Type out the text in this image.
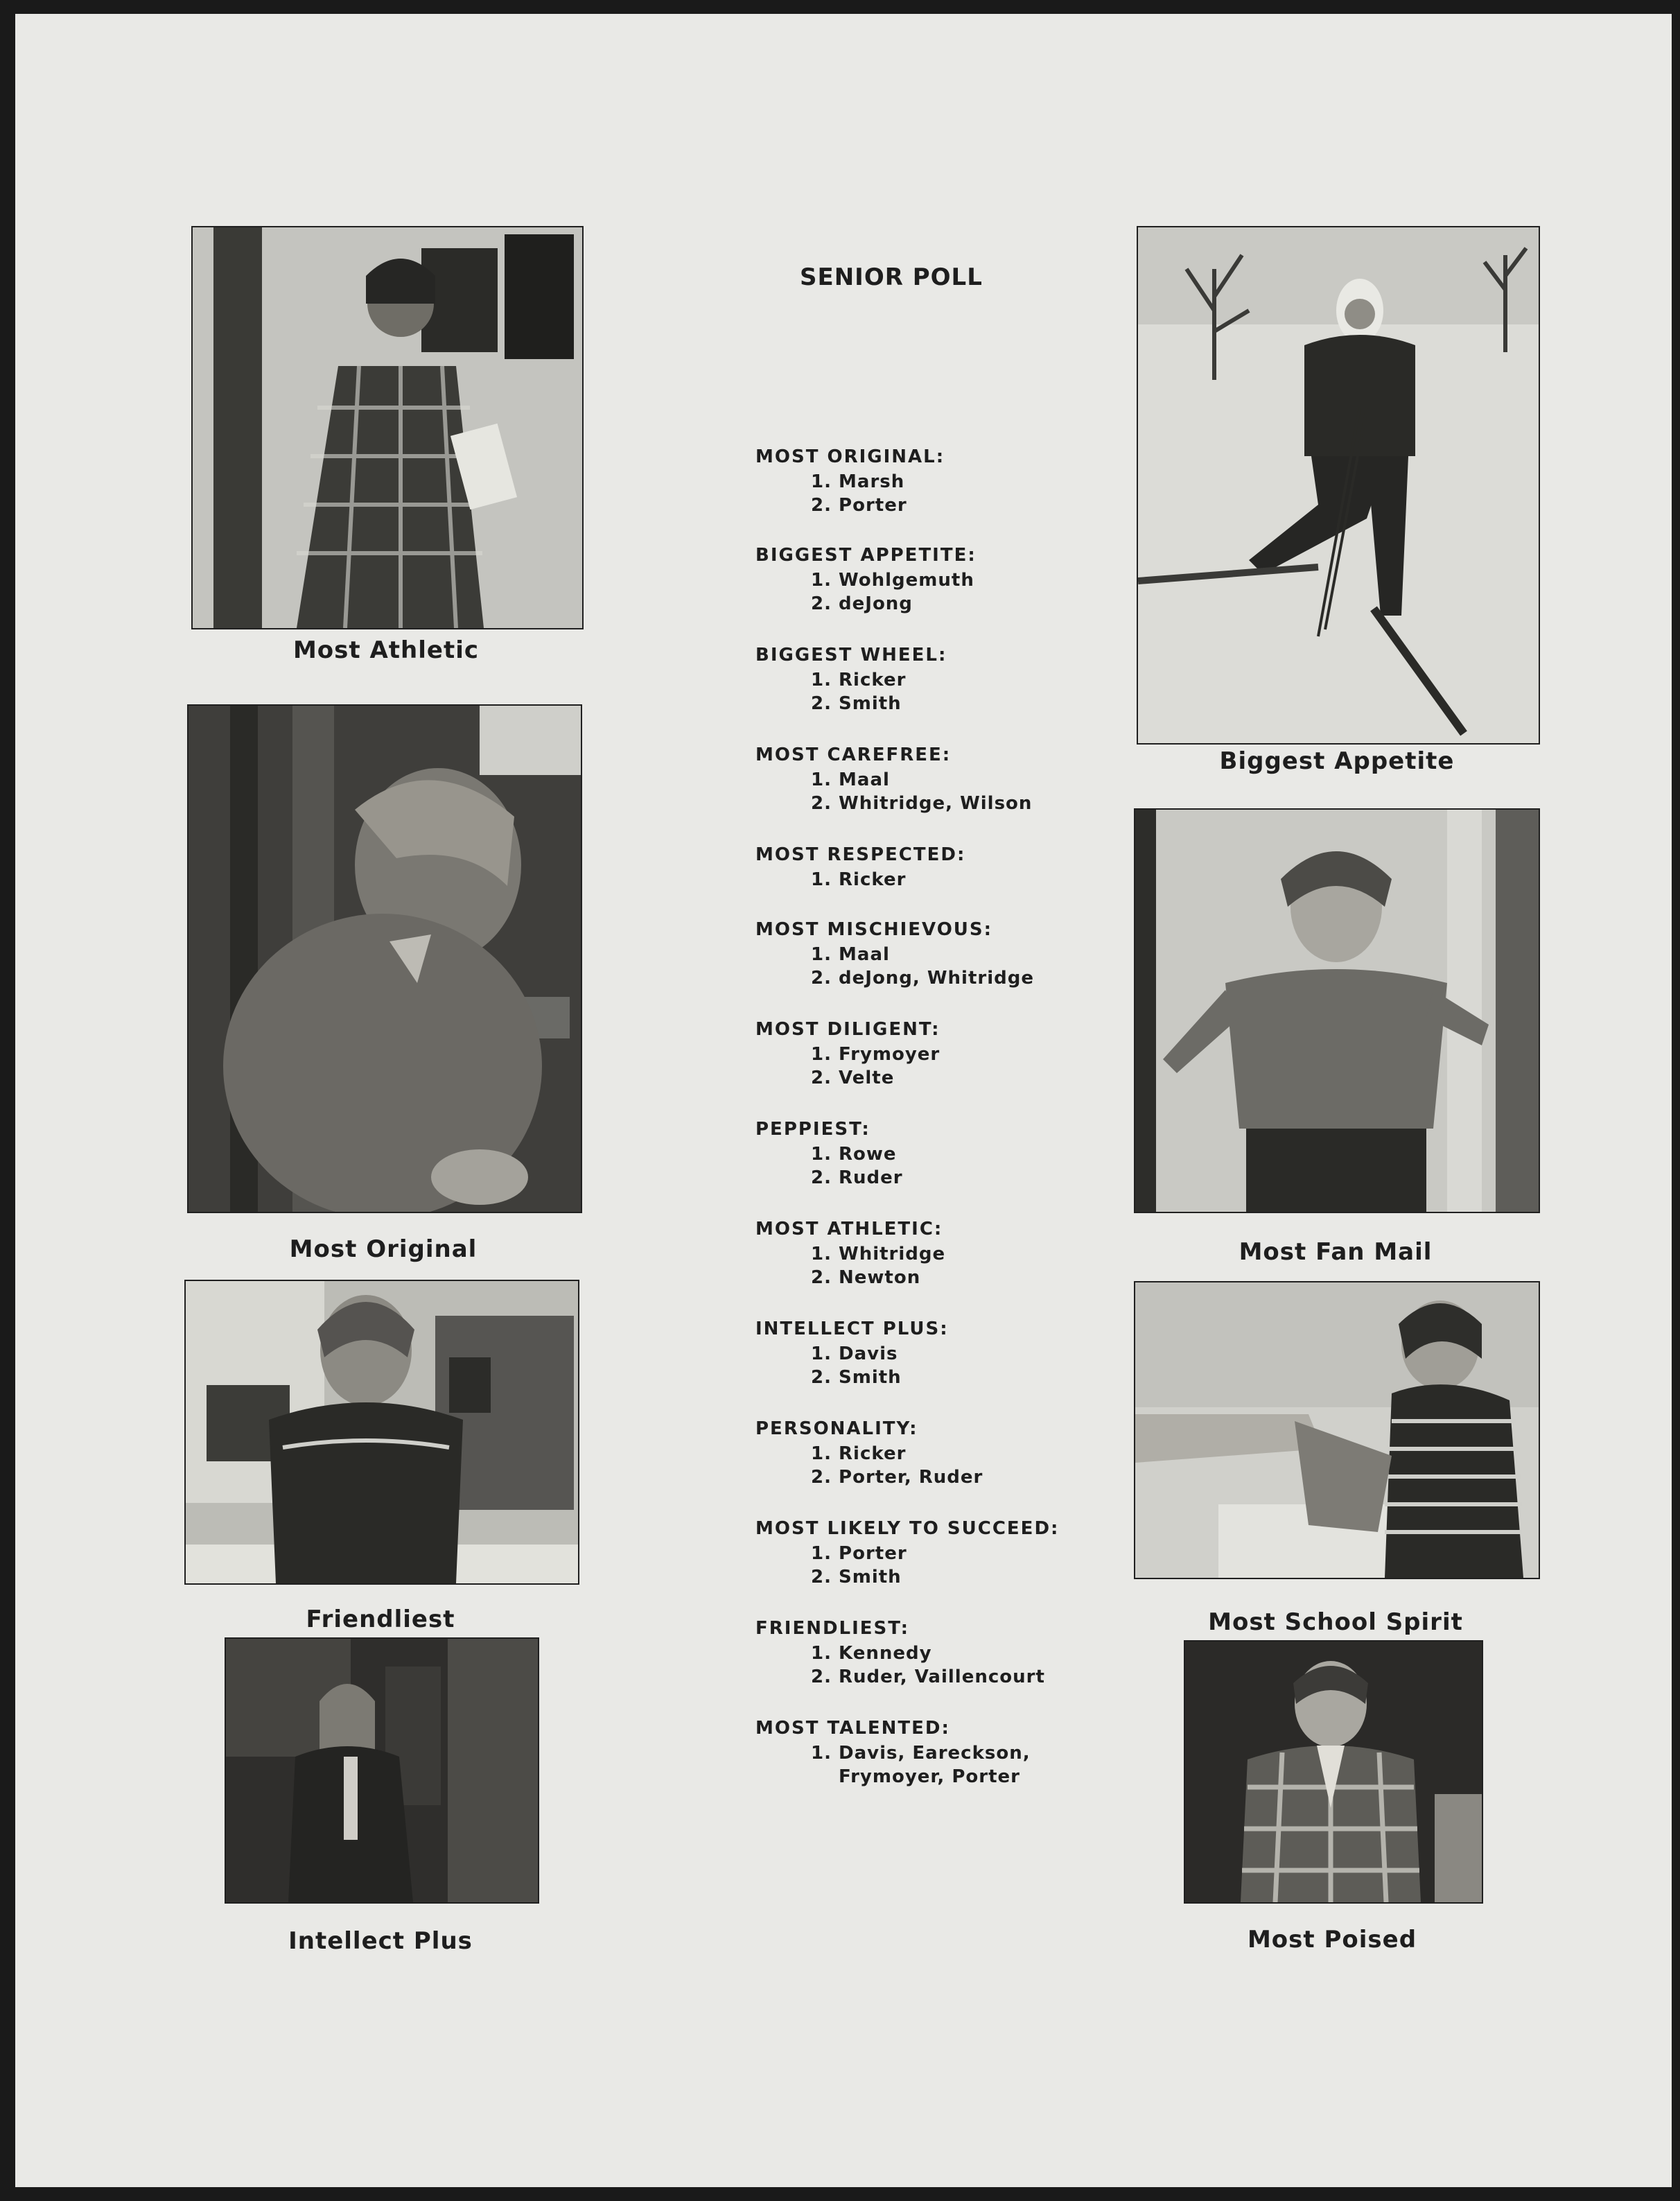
Most Athletic
Most Original
Friendliest
Intellect Plus
SENIOR POLL
MOST ORIGINAL:
1. Marsh
2. Porter
BIGGEST APPETITE:
1. Wohlgemuth
2. deJong
BIGGEST WHEEL:
1. Ricker
2. Smith
MOST CAREFREE:
1. Maal
2. Whitridge, Wilson
MOST RESPECTED:
1. Ricker
MOST MISCHIEVOUS:
1. Maal
2. deJong, Whitridge
MOST DILIGENT:
1. Frymoyer
2. Velte
PEPPIEST:
1. Rowe
2. Ruder
MOST ATHLETIC:
1. Whitridge
2. Newton
INTELLECT PLUS:
1. Davis
2. Smith
PERSONALITY:
1. Ricker
2. Porter, Ruder
MOST LIKELY TO SUCCEED:
1. Porter
2. Smith
FRIENDLIEST:
1. Kennedy
2. Ruder, Vaillencourt
MOST TALENTED:
1. Davis, Eareckson,
Frymoyer, Porter
Biggest Appetite
Most Fan Mail
Most School Spirit
Most Poised
